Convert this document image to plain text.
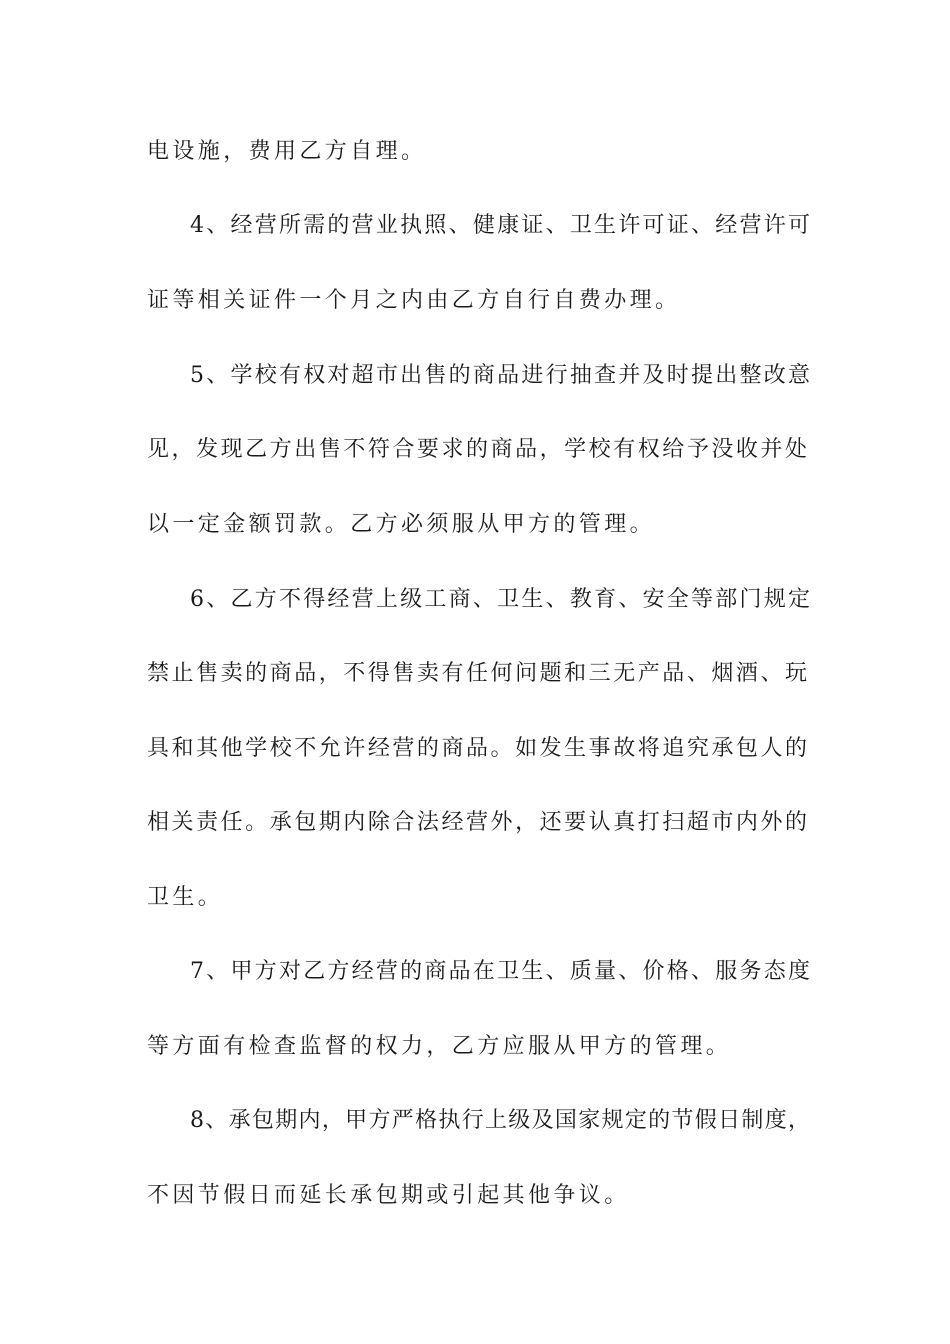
电设施，费用乙方自理。
4、经营所需的营业执照、健康证、卫生许可证、经营许可
证等相关证件一个月之内由乙方自行自费办理。
5、学校有权对超市出售的商品进行抽查并及时提出整改意
见，发现乙方出售不符合要求的商品，学校有权给予没收并处
以一定金额罚款。乙方必须服从甲方的管理。
6、乙方不得经营上级工商、卫生、教育、安全等部门规定
禁止售卖的商品，不得售卖有任何问题和三无产品、烟酒、玩
具和其他学校不允许经营的商品。如发生事故将追究承包人的
相关责任。承包期内除合法经营外，还要认真打扫超市内外的
卫生。
7、甲方对乙方经营的商品在卫生、质量、价格、服务态度
等方面有检查监督的权力，乙方应服从甲方的管理。
8、承包期内，甲方严格执行上级及国家规定的节假日制度，
不因节假日而延长承包期或引起其他争议。
